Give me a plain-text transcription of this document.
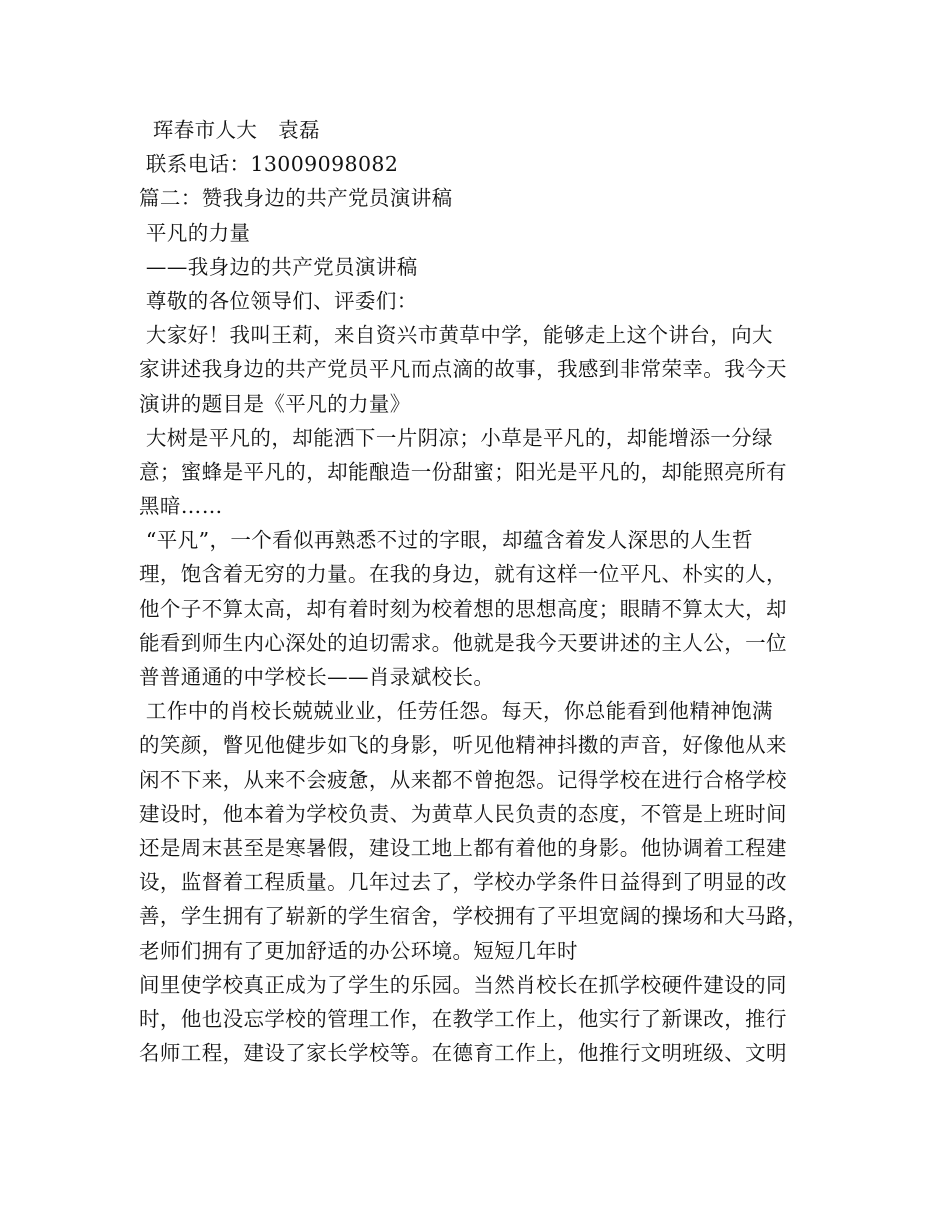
珲春市人大   袁磊
联系电话：13009098082
篇二：赞我身边的共产党员演讲稿
平凡的力量
——我身边的共产党员演讲稿
尊敬的各位领导们、评委们：
大家好！我叫王莉，来自资兴市黄草中学，能够走上这个讲台，向大
家讲述我身边的共产党员平凡而点滴的故事，我感到非常荣幸。我今天
演讲的题目是《平凡的力量》
大树是平凡的，却能洒下一片阴凉；小草是平凡的，却能增添一分绿
意；蜜蜂是平凡的，却能酿造一份甜蜜；阳光是平凡的，却能照亮所有
黑暗……
“平凡”，一个看似再熟悉不过的字眼，却蕴含着发人深思的人生哲
理，饱含着无穷的力量。在我的身边，就有这样一位平凡、朴实的人，
他个子不算太高，却有着时刻为校着想的思想高度；眼睛不算太大，却
能看到师生内心深处的迫切需求。他就是我今天要讲述的主人公，一位
普普通通的中学校长——肖录斌校长。
工作中的肖校长兢兢业业，任劳任怨。每天，你总能看到他精神饱满
的笑颜，瞥见他健步如飞的身影，听见他精神抖擞的声音，好像他从来
闲不下来，从来不会疲惫，从来都不曾抱怨。记得学校在进行合格学校
建设时，他本着为学校负责、为黄草人民负责的态度，不管是上班时间
还是周末甚至是寒暑假，建设工地上都有着他的身影。他协调着工程建
设，监督着工程质量。几年过去了，学校办学条件日益得到了明显的改
善，学生拥有了崭新的学生宿舍，学校拥有了平坦宽阔的操场和大马路，
老师们拥有了更加舒适的办公环境。短短几年时
间里使学校真正成为了学生的乐园。当然肖校长在抓学校硬件建设的同
时，他也没忘学校的管理工作，在教学工作上，他实行了新课改，推行
名师工程，建设了家长学校等。在德育工作上，他推行文明班级、文明
